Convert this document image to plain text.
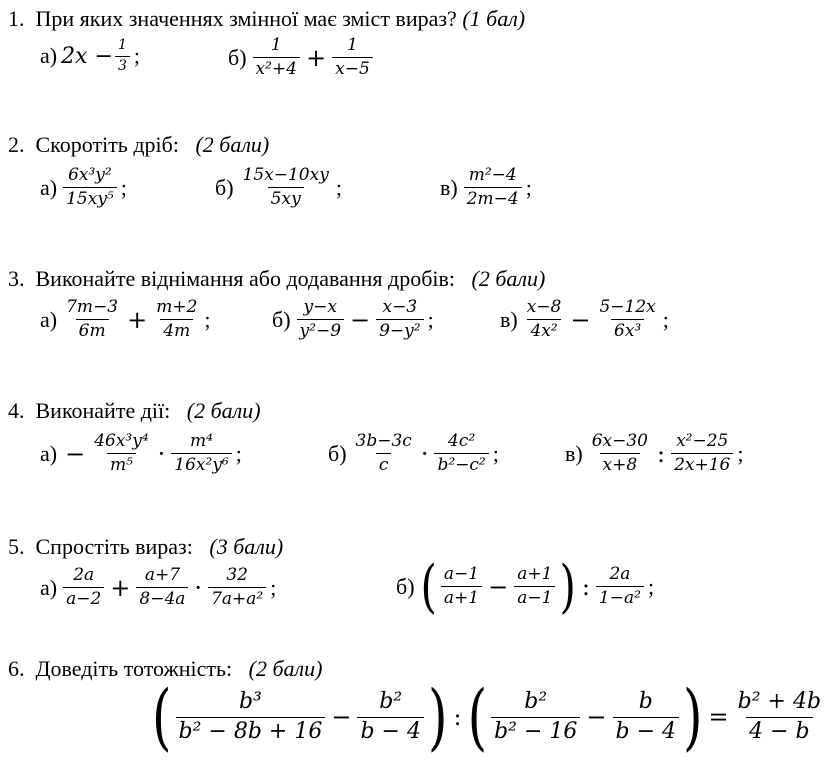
1. При яких значеннях змінної має зміст вираз? (1 бал)
а) $2x - \frac{1}{3}$ ;	$б) \frac{1}{\text{x²+4}} + \frac{1}{x-5}$
2. Скоротіть дріб: (2 бали)
$а) \frac{\text{6x³y²}}{\text{15xy⁵}}$ ;	$б) \frac{15x-10xy}{5xy}$ ;	$в) \frac{\text{m²−4}}{2m-4}$ ;
3. Виконайте віднімання або додавання дробів: (2 бали)
$а) \frac{7m-3}{6m} + \frac{m+2}{4m}$ ;	$б) \frac{y-x}{\text{y²−9}} - \frac{x-3}{\text{9−y²}}$ ;	$в) \frac{x-8}{\text{4x²}} - \frac{5-12x}{\text{6x³}}$ ;
4. Виконайте дії: (2 бали)
$а) - \frac{\text{46x³y⁴}}{\text{m⁵}} \cdot \frac{\text{m⁴}}{\text{16x²y⁶}}$ ;	$б) \frac{3b-3c}{c} \cdot \frac{\text{4c²}}{\text{b²−c²}}$ ;	$в) \frac{6x-30}{x+8}$ : $\frac{\text{x²−25}}{2x+16}$ ;
5. Спростіть вираз: (3 бали)
$а) \frac{2a}{a-2} + \frac{a+7}{8-4a} \cdot \frac{32}{\text{7a+a²}}$ ;	б) ( $\frac{a-1}{a+1} - \frac{a+1}{a-1}$ ) : $\frac{2a}{\text{1−a²}}$ ;
6. Доведіть тотожність: (2 бали)
( $\frac{\text{b³}}{\text{b² − 8b + 16}} - \frac{\text{b²}}{b - 4}$ ) : ( $\frac{\text{b²}}{\text{b² − 16}} - \frac{b}{b - 4}$ ) = $\frac{\text{b² + 4b}}{4 - b}$
